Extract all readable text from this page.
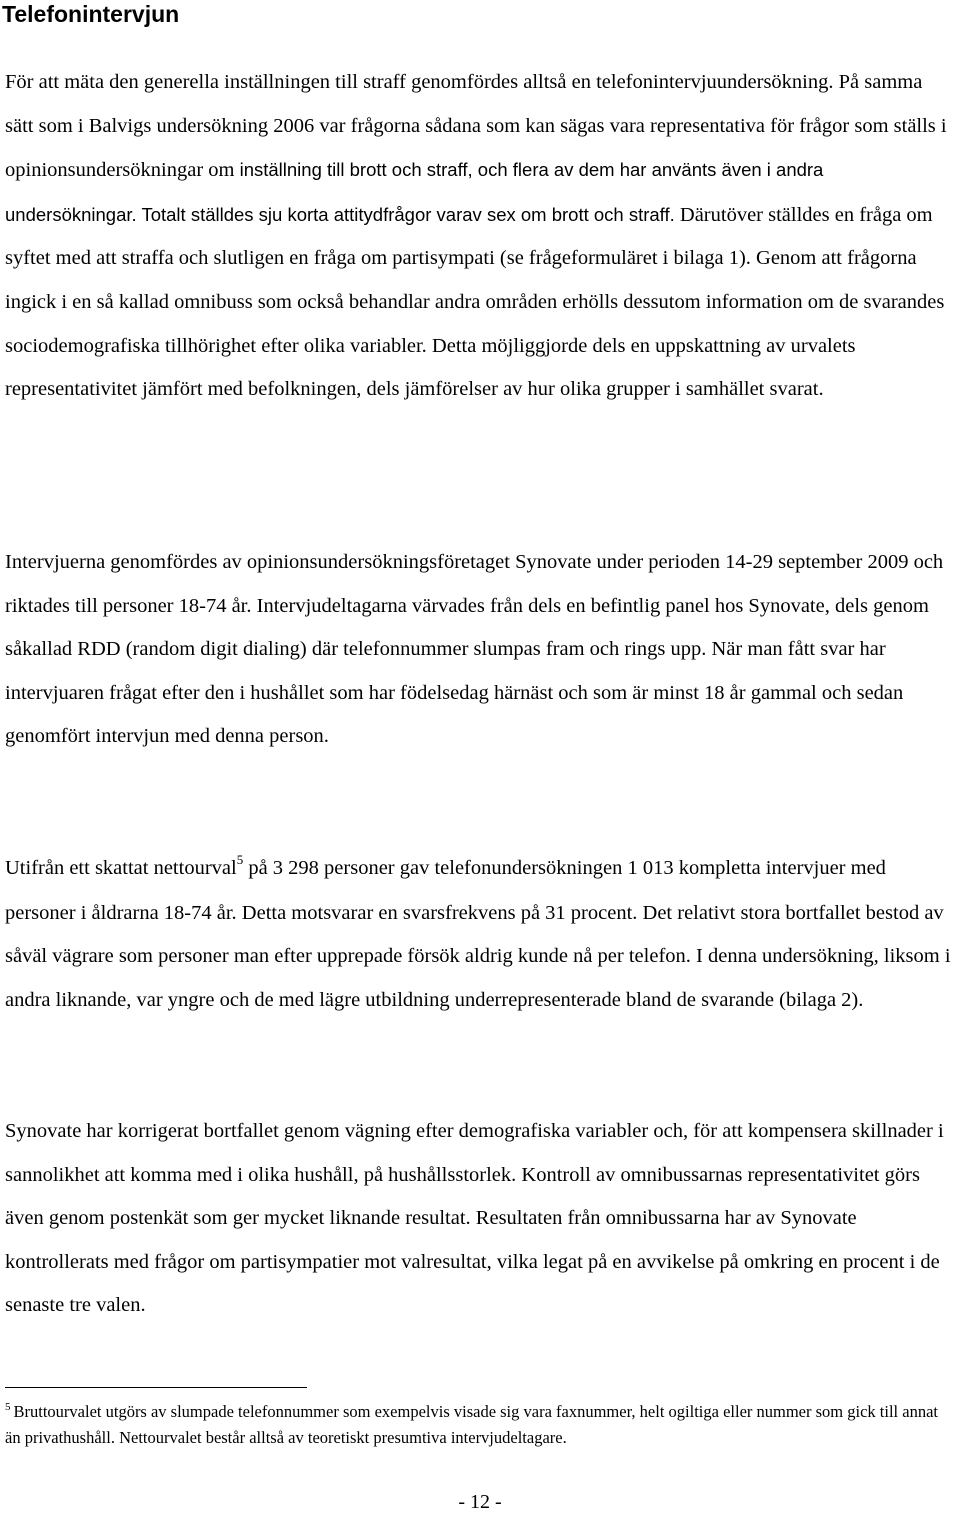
Telefonintervjun

För att mäta den generella inställningen till straff genomfördes alltså en telefonintervjuundersökning. På samma sätt som i Balvigs undersökning 2006 var frågorna sådana som kan sägas vara representativa för frågor som ställs i opinionsundersökningar om inställning till brott och straff, och flera av dem har använts även i andra undersökningar. Totalt ställdes sju korta attitydfrågor varav sex om brott och straff. Därutöver ställdes en fråga om syftet med att straffa och slutligen en fråga om partisympati (se frågeformuläret i bilaga 1). Genom att frågorna ingick i en så kallad omnibuss som också behandlar andra områden erhölls dessutom information om de svarandes sociodemografiska tillhörighet efter olika variabler. Detta möjliggjorde dels en uppskattning av urvalets representativitet jämfört med befolkningen, dels jämförelser av hur olika grupper i samhället svarat.

Intervjuerna genomfördes av opinionsundersökningsföretaget Synovate under perioden 14-29 september 2009 och riktades till personer 18-74 år. Intervjudeltagarna värvades från dels en befintlig panel hos Synovate, dels genom såkallad RDD (random digit dialing) där telefonnummer slumpas fram och rings upp. När man fått svar har intervjuaren frågat efter den i hushållet som har födelsedag härnäst och som är minst 18 år gammal och sedan genomfört intervjun med denna person.

Utifrån ett skattat nettourval$^5$ på 3 298 personer gav telefonundersökningen 1 013 kompletta intervjuer med personer i åldrarna 18-74 år. Detta motsvarar en svarsfrekvens på 31 procent. Det relativt stora bortfallet bestod av såväl vägrare som personer man efter upprepade försök aldrig kunde nå per telefon. I denna undersökning, liksom i andra liknande, var yngre och de med lägre utbildning underrepresenterade bland de svarande (bilaga 2).

Synovate har korrigerat bortfallet genom vägning efter demografiska variabler och, för att kompensera skillnader i sannolikhet att komma med i olika hushåll, på hushållsstorlek. Kontroll av omnibussarnas representativitet görs även genom postenkät som ger mycket liknande resultat. Resultaten från omnibussarna har av Synovate kontrollerats med frågor om partisympatier mot valresultat, vilka legat på en avvikelse på omkring en procent i de senaste tre valen.

$^5$ Bruttourvalet utgörs av slumpade telefonnummer som exempelvis visade sig vara faxnummer, helt ogiltiga eller nummer som gick till annat än privathushåll. Nettourvalet består alltså av teoretiskt presumtiva intervjudeltagare.

- 12 -
